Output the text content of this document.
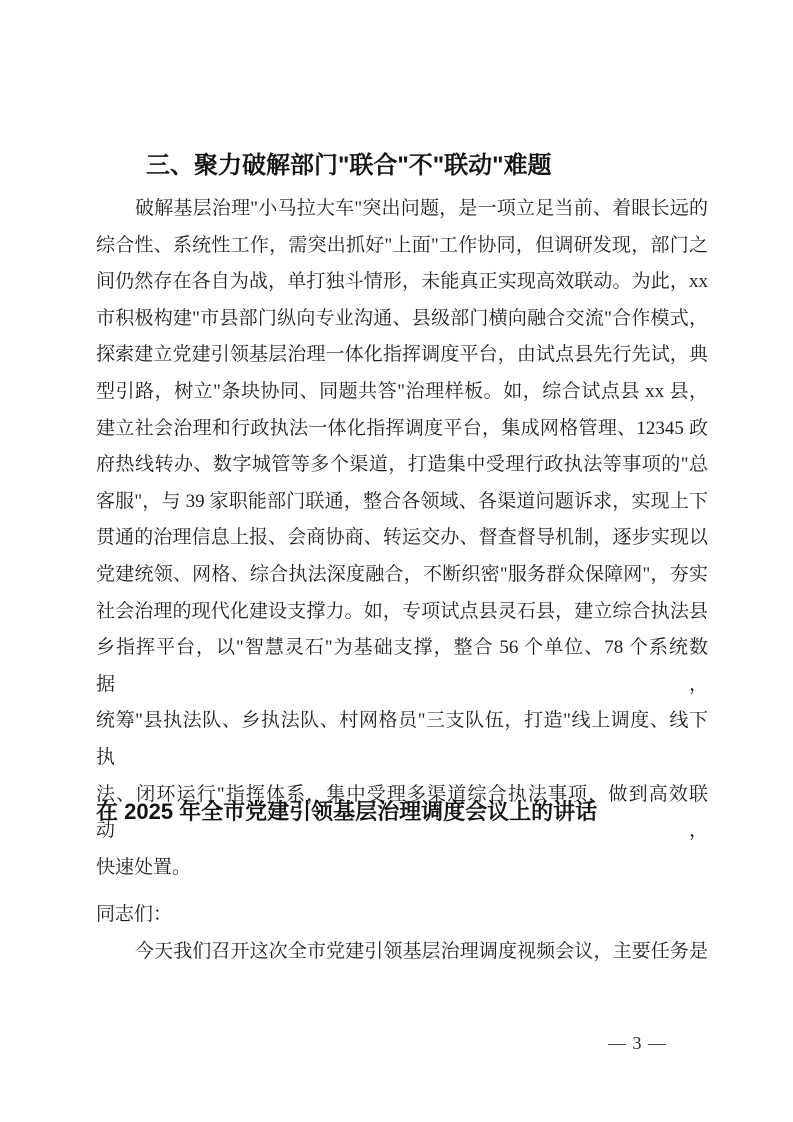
三、聚力破解部门"联合"不"联动"难题
破解基层治理"小马拉大车"突出问题，是一项立足当前、着眼长远的
综合性、系统性工作，需突出抓好"上面"工作协同，但调研发现，部门之
间仍然存在各自为战，单打独斗情形，未能真正实现高效联动。为此，xx
市积极构建"市县部门纵向专业沟通、县级部门横向融合交流"合作模式，
探索建立党建引领基层治理一体化指挥调度平台，由试点县先行先试，典
型引路，树立"条块协同、同题共答"治理样板。如，综合试点县 xx 县，
建立社会治理和行政执法一体化指挥调度平台，集成网格管理、12345 政
府热线转办、数字城管等多个渠道，打造集中受理行政执法等事项的"总
客服"，与 39 家职能部门联通，整合各领域、各渠道问题诉求，实现上下
贯通的治理信息上报、会商协商、转运交办、督查督导机制，逐步实现以
党建统领、网格、综合执法深度融合，不断织密"服务群众保障网"，夯实
社会治理的现代化建设支撑力。如，专项试点县灵石县，建立综合执法县
乡指挥平台，以"智慧灵石"为基础支撑，整合 56 个单位、78 个系统数据，
统筹"县执法队、乡执法队、村网格员"三支队伍，打造"线上调度、线下执
法、闭环运行"指挥体系，集中受理多渠道综合执法事项，做到高效联动，
快速处置。
在 2025 年全市党建引领基层治理调度会议上的讲话
同志们：
今天我们召开这次全市党建引领基层治理调度视频会议，主要任务是
— 3 —
